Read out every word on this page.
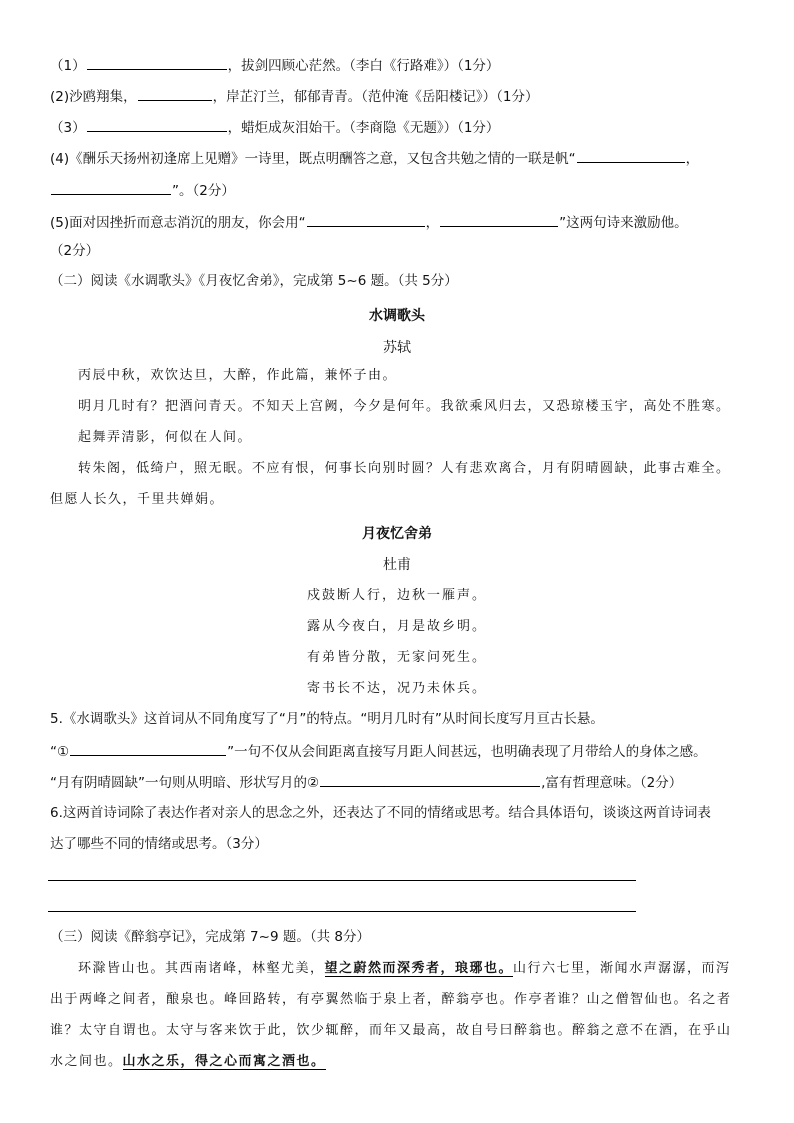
（1）	，拔剑四顾心茫然。（李白《行路难》）（1分）
(2)沙鸥翔集，	，岸芷汀兰，郁郁青青。（范仲淹《岳阳楼记》）（1分）
（3）	，蜡炬成灰泪始干。（李商隐《无题》）（1分）
(4)《酬乐天扬州初逢席上见赠》一诗里，既点明酬答之意，又包含共勉之情的一联是帆“	，
”。（2分）
(5)面对因挫折而意志消沉的朋友，你会用“	，	”这两句诗来激励他。
（2分）
（二）阅读《水调歌头》《月夜忆舍弟》，完成第 5~6 题。（共 5分）
水调歌头
苏轼
丙辰中秋，欢饮达旦，大醉，作此篇，兼怀子由。
明月几时有？把酒问青天。不知天上宫阙，今夕是何年。我欲乘风归去，又恐琼楼玉宇，高处不胜寒。
起舞弄清影，何似在人间。
转朱阁，低绮户，照无眠。不应有恨，何事长向别时圆？人有悲欢离合，月有阴晴圆缺，此事古难全。
但愿人长久，千里共婵娟。
月夜忆舍弟
杜甫
戍鼓断人行，边秋一雁声。
露从今夜白，月是故乡明。
有弟皆分散，无家问死生。
寄书长不达，况乃未休兵。
5.《水调歌头》这首词从不同角度写了“月”的特点。“明月几时有”从时间长度写月亘古长悬。
“①	”一句不仅从会间距离直接写月距人间甚远，也明确表现了月带给人的身体之感。
“月有阴晴圆缺”一句则从明暗、形状写月的②	,富有哲理意味。（2分）
6.这两首诗词除了表达作者对亲人的思念之外，还表达了不同的情绪或思考。结合具体语句，谈谈这两首诗词表
达了哪些不同的情绪或思考。（3分）
（三）阅读《醉翁亭记》，完成第 7~9 题。（共 8分）
环滁皆山也。其西南诸峰，林壑尤美，望之蔚然而深秀者，琅琊也。山行六七里，渐闻水声潺潺，而泻
出于两峰之间者，酿泉也。峰回路转，有亭翼然临于泉上者，醉翁亭也。作亭者谁？山之僧智仙也。名之者
谁？太守自谓也。太守与客来饮于此，饮少辄醉，而年又最高，故自号曰醉翁也。醉翁之意不在酒，在乎山
水之间也。山水之乐，得之心而寓之酒也。
